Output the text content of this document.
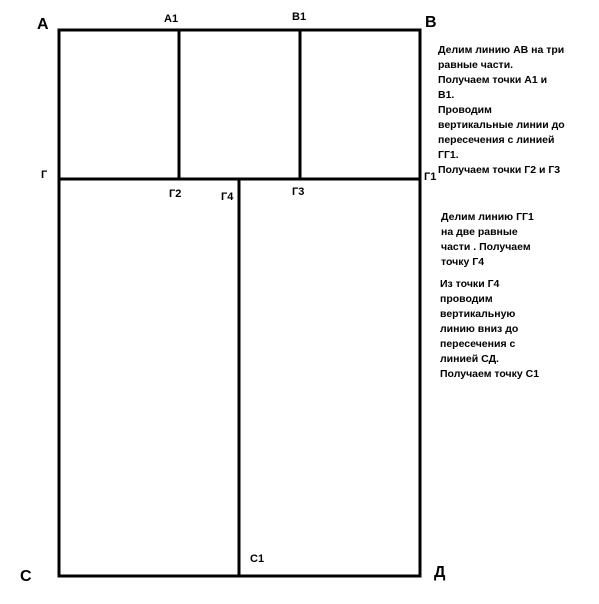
А	В
А1	В1
Г	Г1
Г2	Г3
Г4
С	Д
С1
Делим линию АВ на три
равные части.
Получаем точки А1 и
В1.
Проводим
вертикальные линии до
пересечения с линией
ГГ1.
Получаем точки Г2 и Г3
Делим линию ГГ1
на две равные
части . Получаем
точку Г4
Из точки Г4
проводим
вертикальную
линию вниз до
пересечения с
линией СД.
Получаем точку С1
